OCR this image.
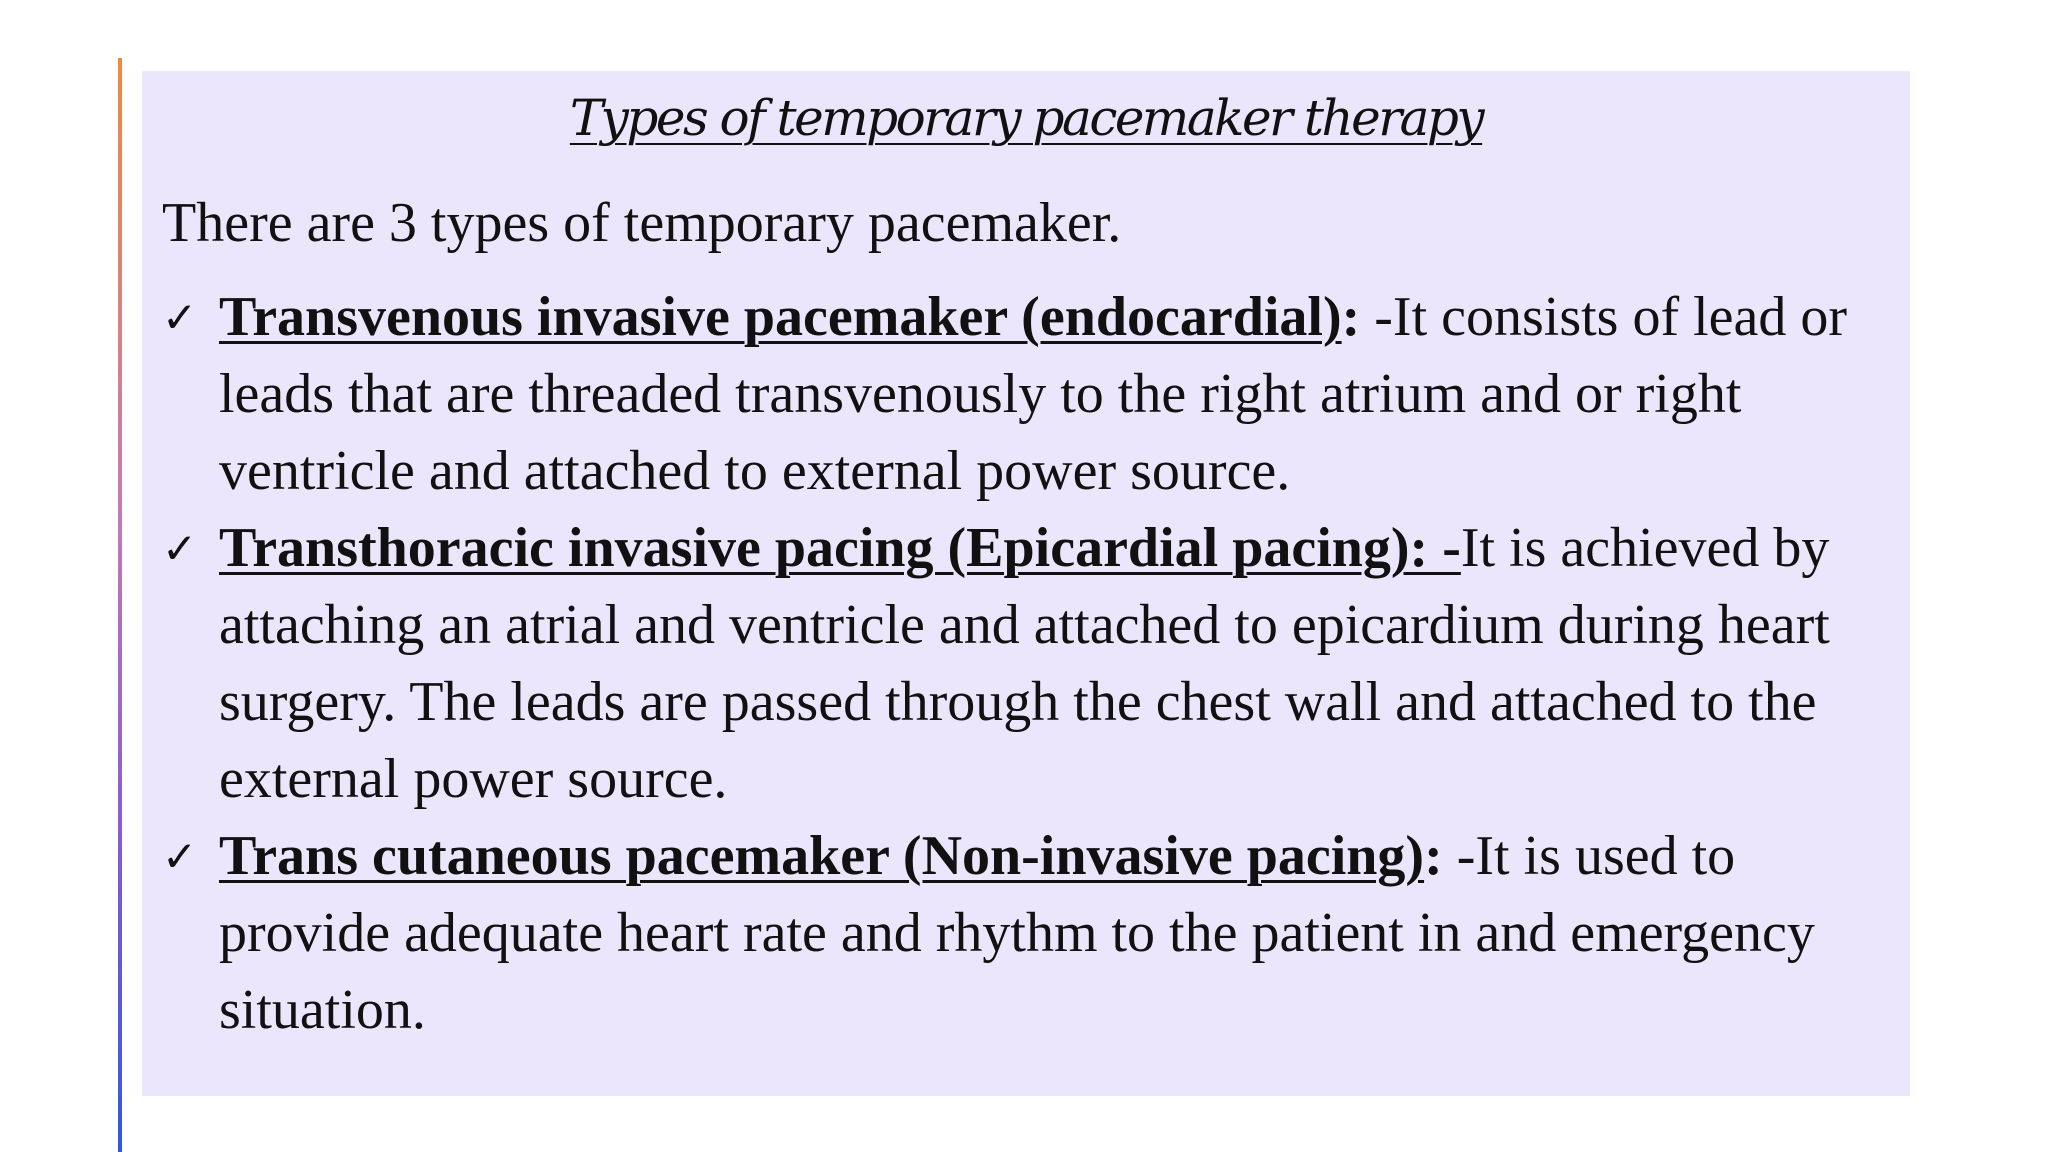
Types of temporary pacemaker therapy
There are 3 types of temporary pacemaker.
✓ Transvenous invasive pacemaker (endocardial): -It consists of lead or leads that are threaded transvenously to the right atrium and or right ventricle and attached to external power source.
✓ Transthoracic invasive pacing (Epicardial pacing): -It is achieved by attaching an atrial and ventricle and attached to epicardium during heart surgery. The leads are passed through the chest wall and attached to the external power source.
✓ Trans cutaneous pacemaker (Non-invasive pacing): -It is used to provide adequate heart rate and rhythm to the patient in and emergency situation.
